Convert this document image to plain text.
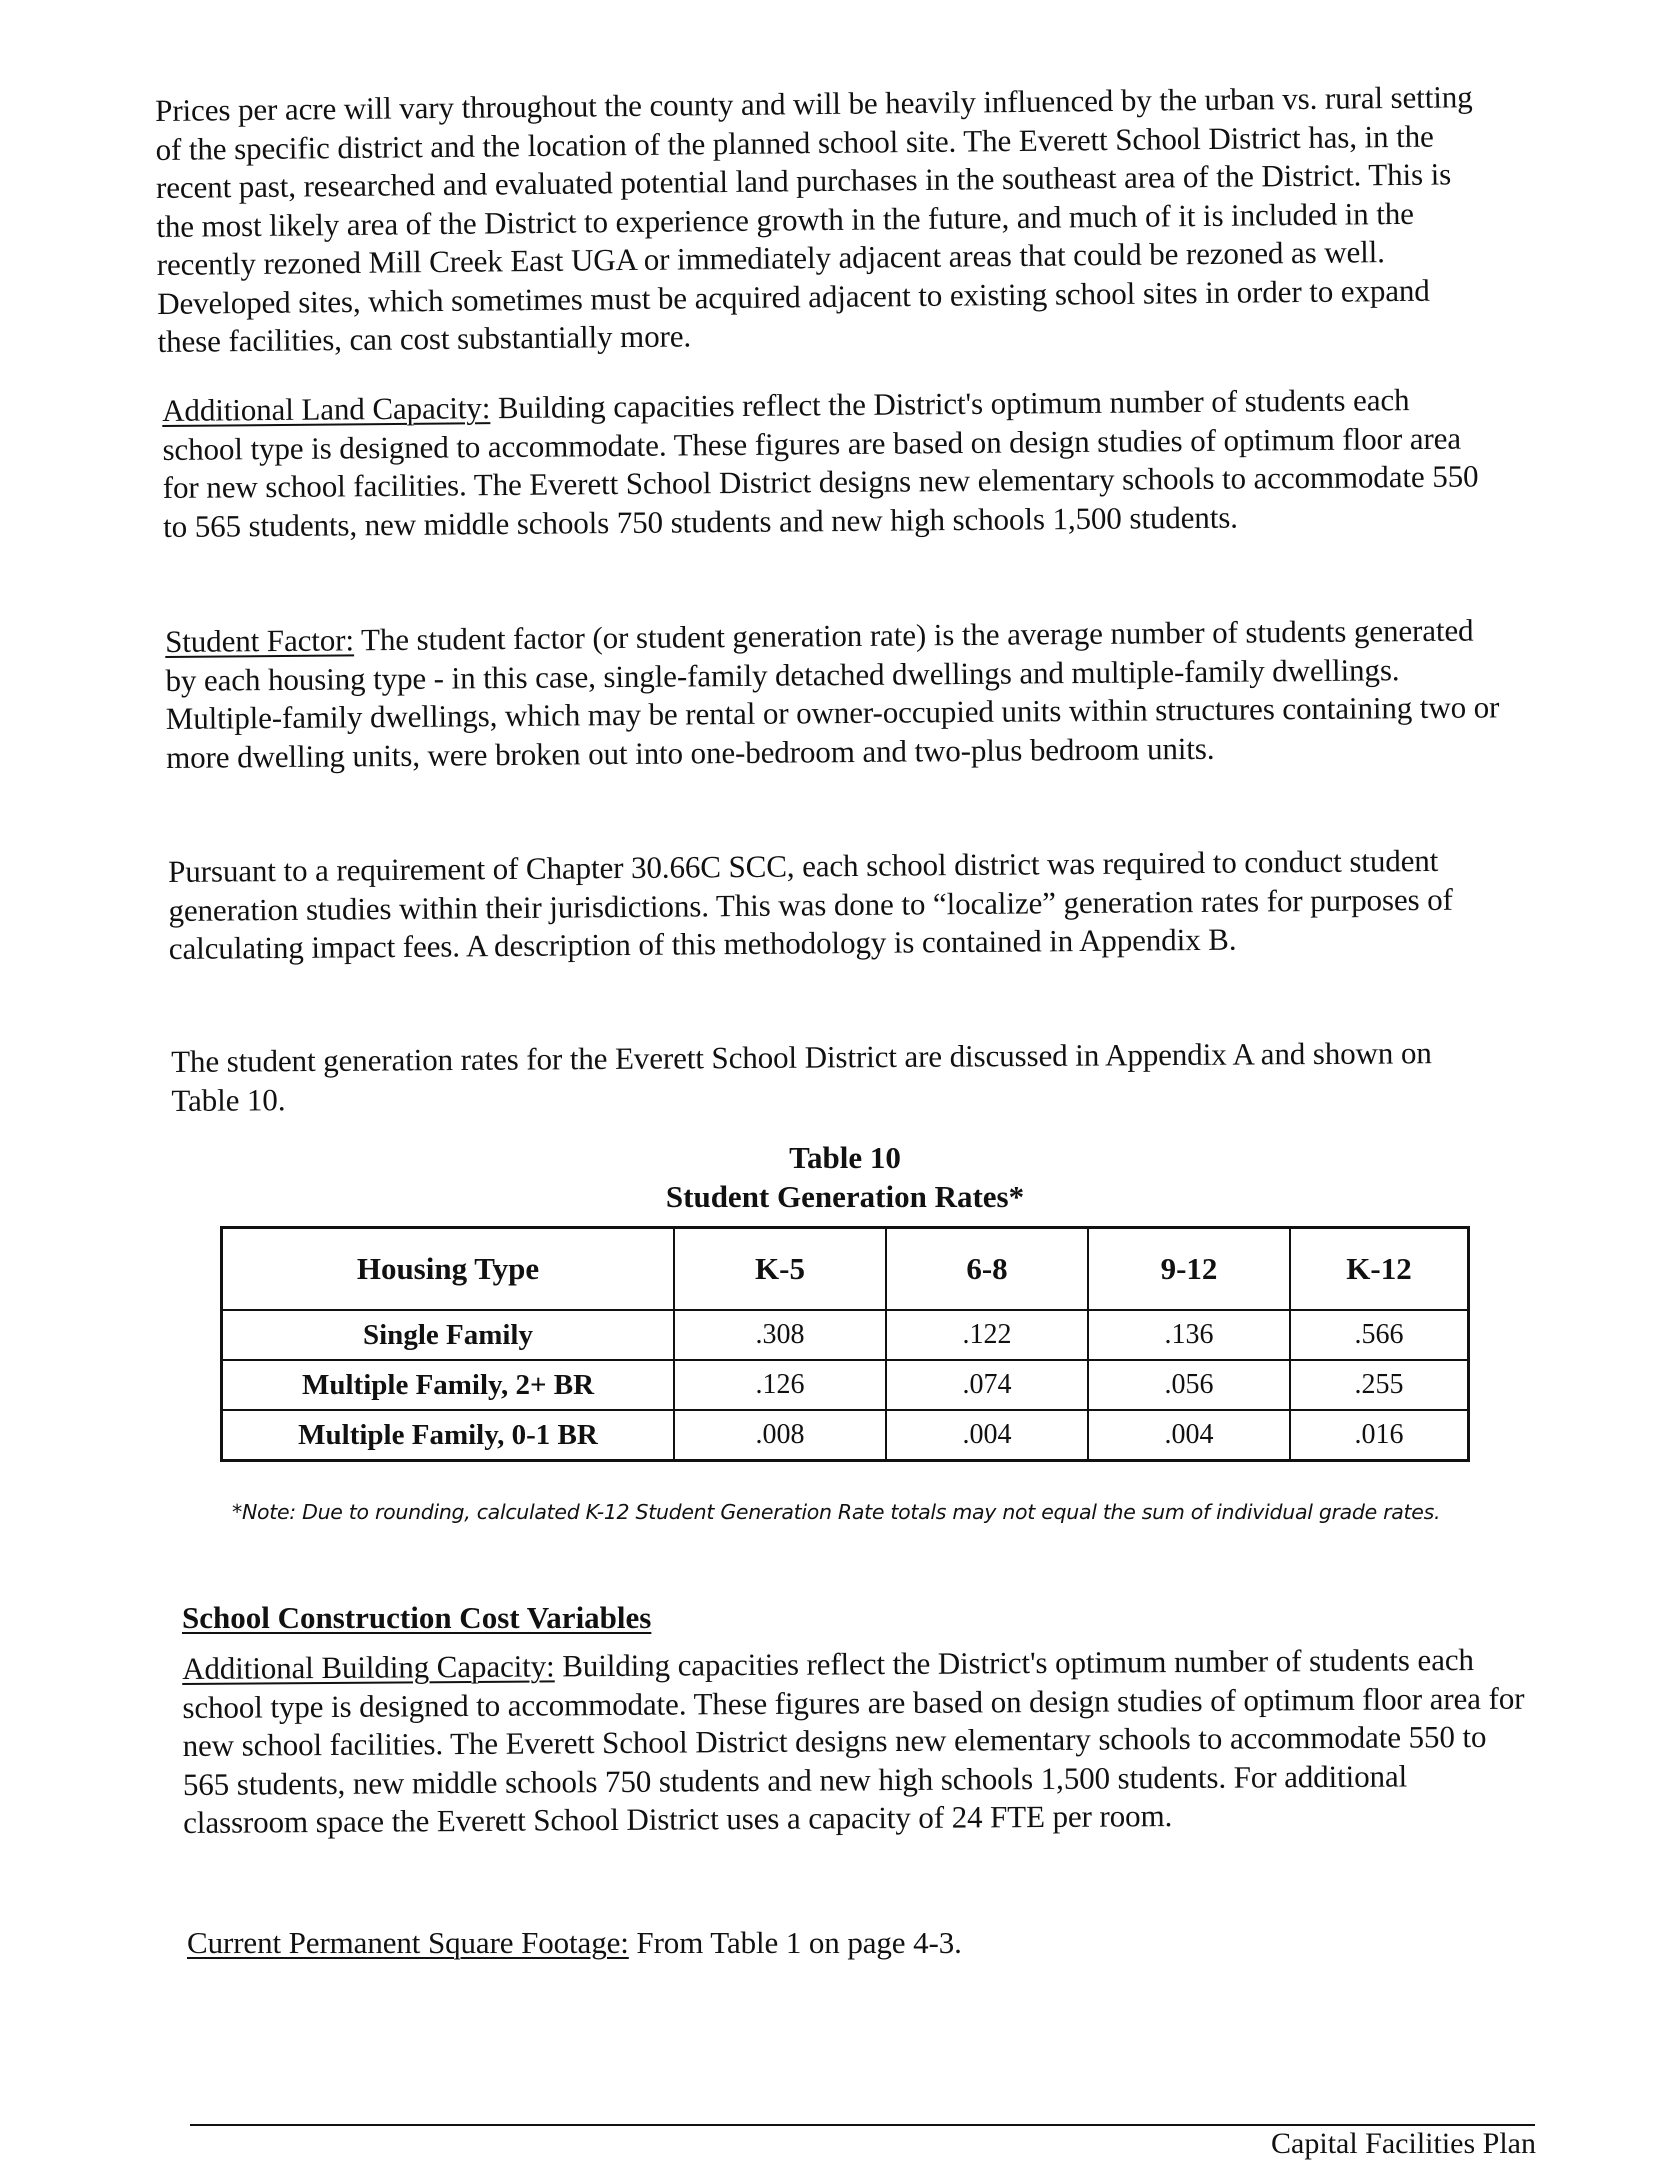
Prices per acre will vary throughout the county and will be heavily influenced by the urban vs. rural setting of the specific district and the location of the planned school site. The Everett School District has, in the recent past, researched and evaluated potential land purchases in the southeast area of the District. This is the most likely area of the District to experience growth in the future, and much of it is included in the recently rezoned Mill Creek East UGA or immediately adjacent areas that could be rezoned as well. Developed sites, which sometimes must be acquired adjacent to existing school sites in order to expand these facilities, can cost substantially more.

Additional Land Capacity: Building capacities reflect the District's optimum number of students each school type is designed to accommodate. These figures are based on design studies of optimum floor area for new school facilities. The Everett School District designs new elementary schools to accommodate 550 to 565 students, new middle schools 750 students and new high schools 1,500 students.

Student Factor: The student factor (or student generation rate) is the average number of students generated by each housing type - in this case, single-family detached dwellings and multiple-family dwellings. Multiple-family dwellings, which may be rental or owner-occupied units within structures containing two or more dwelling units, were broken out into one-bedroom and two-plus bedroom units.

Pursuant to a requirement of Chapter 30.66C SCC, each school district was required to conduct student generation studies within their jurisdictions. This was done to “localize” generation rates for purposes of calculating impact fees. A description of this methodology is contained in Appendix B.

The student generation rates for the Everett School District are discussed in Appendix A and shown on Table 10.

Table 10

Student Generation Rates*

Housing Type	K-5	6-8	9-12	K-12
Single Family	.308	.122	.136	.566
Multiple Family, 2+ BR	.126	.074	.056	.255
Multiple Family, 0-1 BR	.008	.004	.004	.016

*Note: Due to rounding, calculated K-12 Student Generation Rate totals may not equal the sum of individual grade rates.

School Construction Cost Variables

Additional Building Capacity: Building capacities reflect the District's optimum number of students each school type is designed to accommodate. These figures are based on design studies of optimum floor area for new school facilities. The Everett School District designs new elementary schools to accommodate 550 to 565 students, new middle schools 750 students and new high schools 1,500 students. For additional classroom space the Everett School District uses a capacity of 24 FTE per room.

Current Permanent Square Footage: From Table 1 on page 4-3.

Capital Facilities Plan
